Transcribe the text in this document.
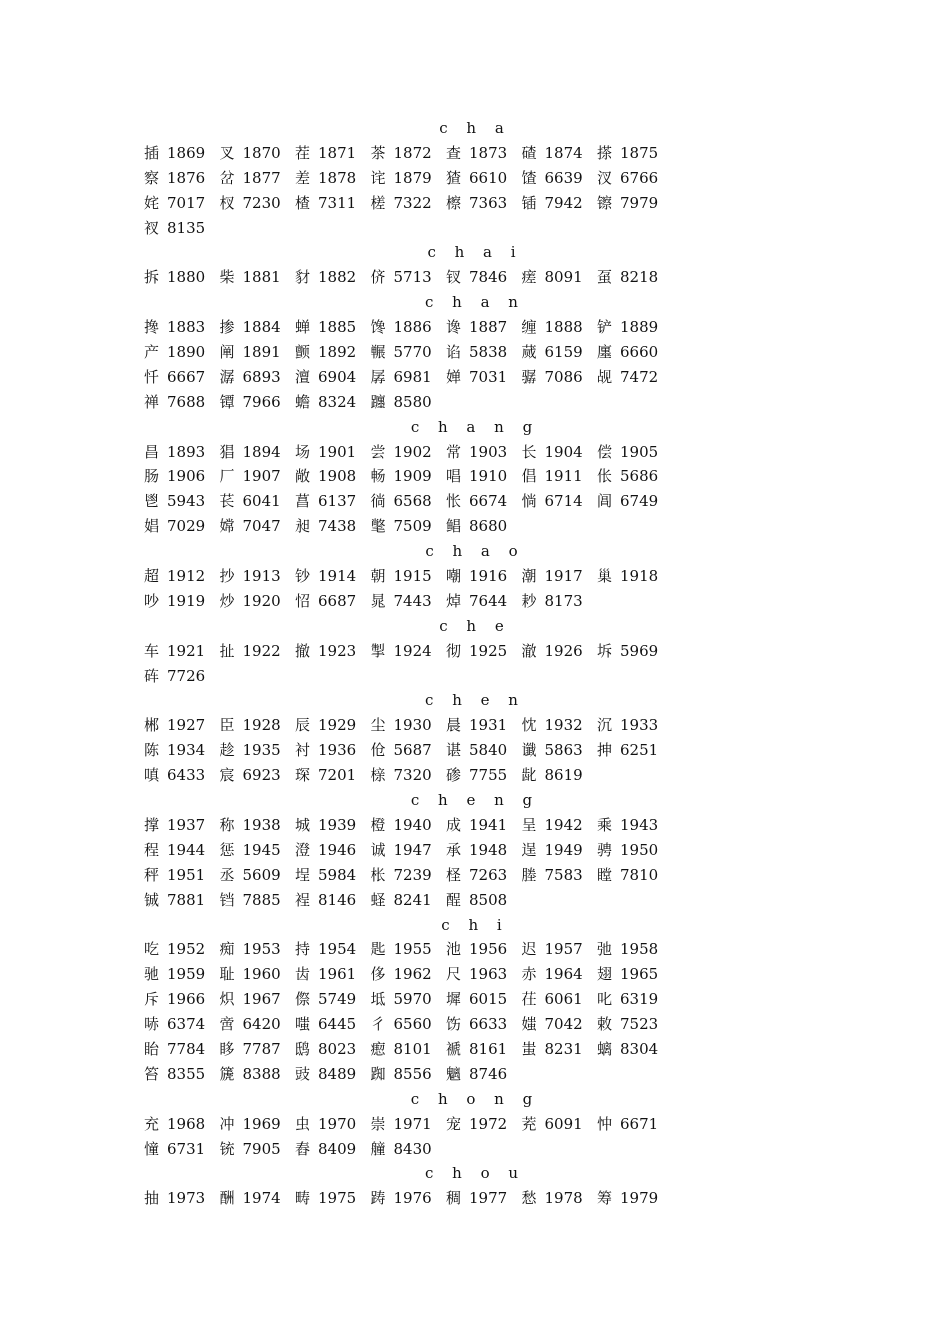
c h a
插 1869 叉 1870 茬 1871 茶 1872 查 1873 碴 1874 搽 1875
察 1876 岔 1877 差 1878 诧 1879 猹 6610 馇 6639 汊 6766
姹 7017 杈 7230 楂 7311 槎 7322 檫 7363 锸 7942 镲 7979
衩 8135
c h a i
拆 1880 柴 1881 豺 1882 侪 5713 钗 7846 瘥 8091 虿 8218
c h a n
搀 1883 掺 1884 蝉 1885 馋 1886 谗 1887 缠 1888 铲 1889
产 1890 阐 1891 颤 1892 冁 5770 谄 5838 蒇 6159 廛 6660
忏 6667 潺 6893 澶 6904 孱 6981 婵 7031 骣 7086 觇 7472
禅 7688 镡 7966 蟾 8324 躔 8580
c h a n g
昌 1893 猖 1894 场 1901 尝 1902 常 1903 长 1904 偿 1905
肠 1906 厂 1907 敞 1908 畅 1909 唱 1910 倡 1911 伥 5686
鬯 5943 苌 6041 菖 6137 徜 6568 怅 6674 惝 6714 阊 6749
娼 7029 嫦 7047 昶 7438 氅 7509 鲳 8680
c h a o
超 1912 抄 1913 钞 1914 朝 1915 嘲 1916 潮 1917 巢 1918
吵 1919 炒 1920 怊 6687 晁 7443 焯 7644 耖 8173
c h e
车 1921 扯 1922 撤 1923 掣 1924 彻 1925 澈 1926 坼 5969
砗 7726
c h e n
郴 1927 臣 1928 辰 1929 尘 1930 晨 1931 忱 1932 沉 1933
陈 1934 趁 1935 衬 1936 伧 5687 谌 5840 谶 5863 抻 6251
嗔 6433 宸 6923 琛 7201 榇 7320 碜 7755 龀 8619
c h e n g
撑 1937 称 1938 城 1939 橙 1940 成 1941 呈 1942 乘 1943
程 1944 惩 1945 澄 1946 诚 1947 承 1948 逞 1949 骋 1950
秤 1951 丞 5609 埕 5984 枨 7239 柽 7263 塍 7583 瞠 7810
铖 7881 铛 7885 裎 8146 蛏 8241 酲 8508
c h i
吃 1952 痴 1953 持 1954 匙 1955 池 1956 迟 1957 弛 1958
驰 1959 耻 1960 齿 1961 侈 1962 尺 1963 赤 1964 翅 1965
斥 1966 炽 1967 傺 5749 坻 5970 墀 6015 茌 6061 叱 6319
哧 6374 啻 6420 嗤 6445 彳 6560 饬 6633 媸 7042 敕 7523
眙 7784 眵 7787 鸱 8023 瘛 8101 褫 8161 蚩 8231 螭 8304
笞 8355 篪 8388 豉 8489 踟 8556 魑 8746
c h o n g
充 1968 冲 1969 虫 1970 崇 1971 宠 1972 茺 6091 忡 6671
憧 6731 铳 7905 舂 8409 艟 8430
c h o u
抽 1973 酬 1974 畴 1975 踌 1976 稠 1977 愁 1978 筹 1979
